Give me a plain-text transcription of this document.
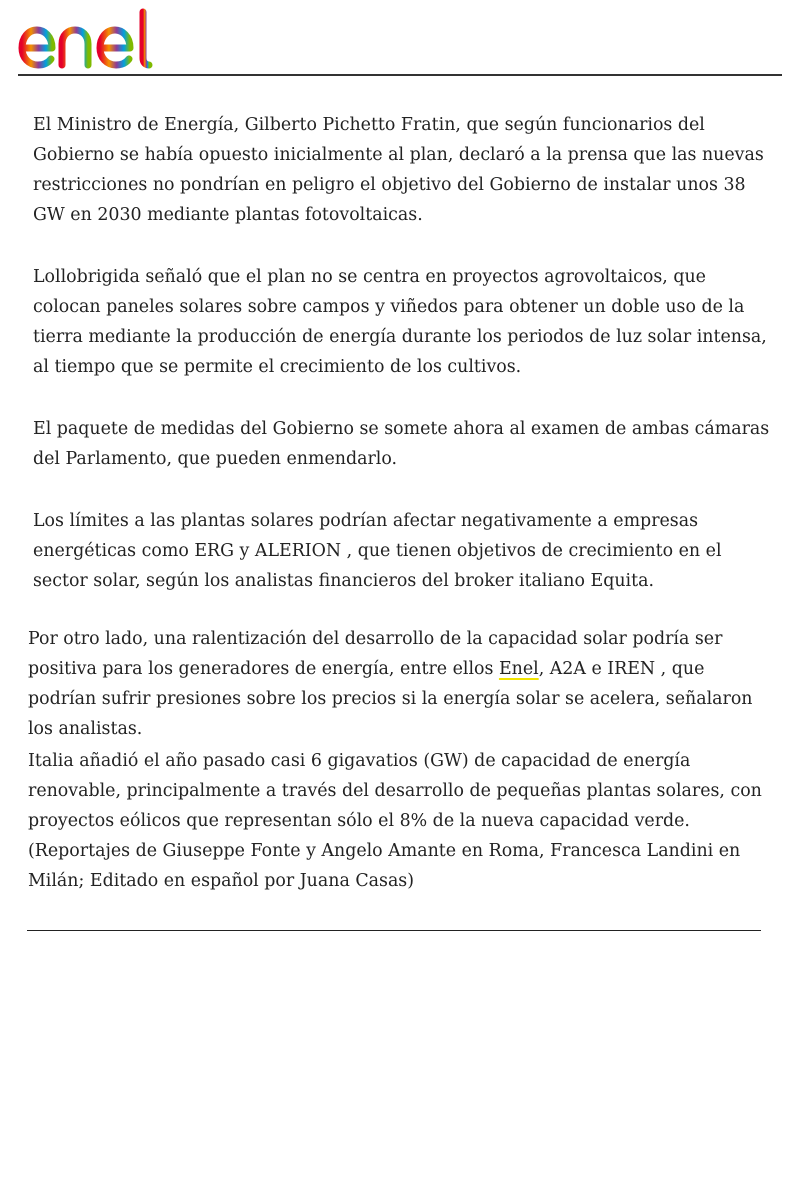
El Ministro de Energía, Gilberto Pichetto Fratin, que según funcionarios del Gobierno se había opuesto inicialmente al plan, declaró a la prensa que las nuevas restricciones no pondrían en peligro el objetivo del Gobierno de instalar unos 38 GW en 2030 mediante plantas fotovoltaicas.

Lollobrigida señaló que el plan no se centra en proyectos agrovoltaicos, que colocan paneles solares sobre campos y viñedos para obtener un doble uso de la tierra mediante la producción de energía durante los periodos de luz solar intensa, al tiempo que se permite el crecimiento de los cultivos.

El paquete de medidas del Gobierno se somete ahora al examen de ambas cámaras del Parlamento, que pueden enmendarlo.

Los límites a las plantas solares podrían afectar negativamente a empresas energéticas como ERG y ALERION , que tienen objetivos de crecimiento en el sector solar, según los analistas financieros del broker italiano Equita.

Por otro lado, una ralentización del desarrollo de la capacidad solar podría ser positiva para los generadores de energía, entre ellos Enel, A2A e IREN , que podrían sufrir presiones sobre los precios si la energía solar se acelera, señalaron los analistas.

Italia añadió el año pasado casi 6 gigavatios (GW) de capacidad de energía renovable, principalmente a través del desarrollo de pequeñas plantas solares, con proyectos eólicos que representan sólo el 8% de la nueva capacidad verde. (Reportajes de Giuseppe Fonte y Angelo Amante en Roma, Francesca Landini en Milán; Editado en español por Juana Casas)
